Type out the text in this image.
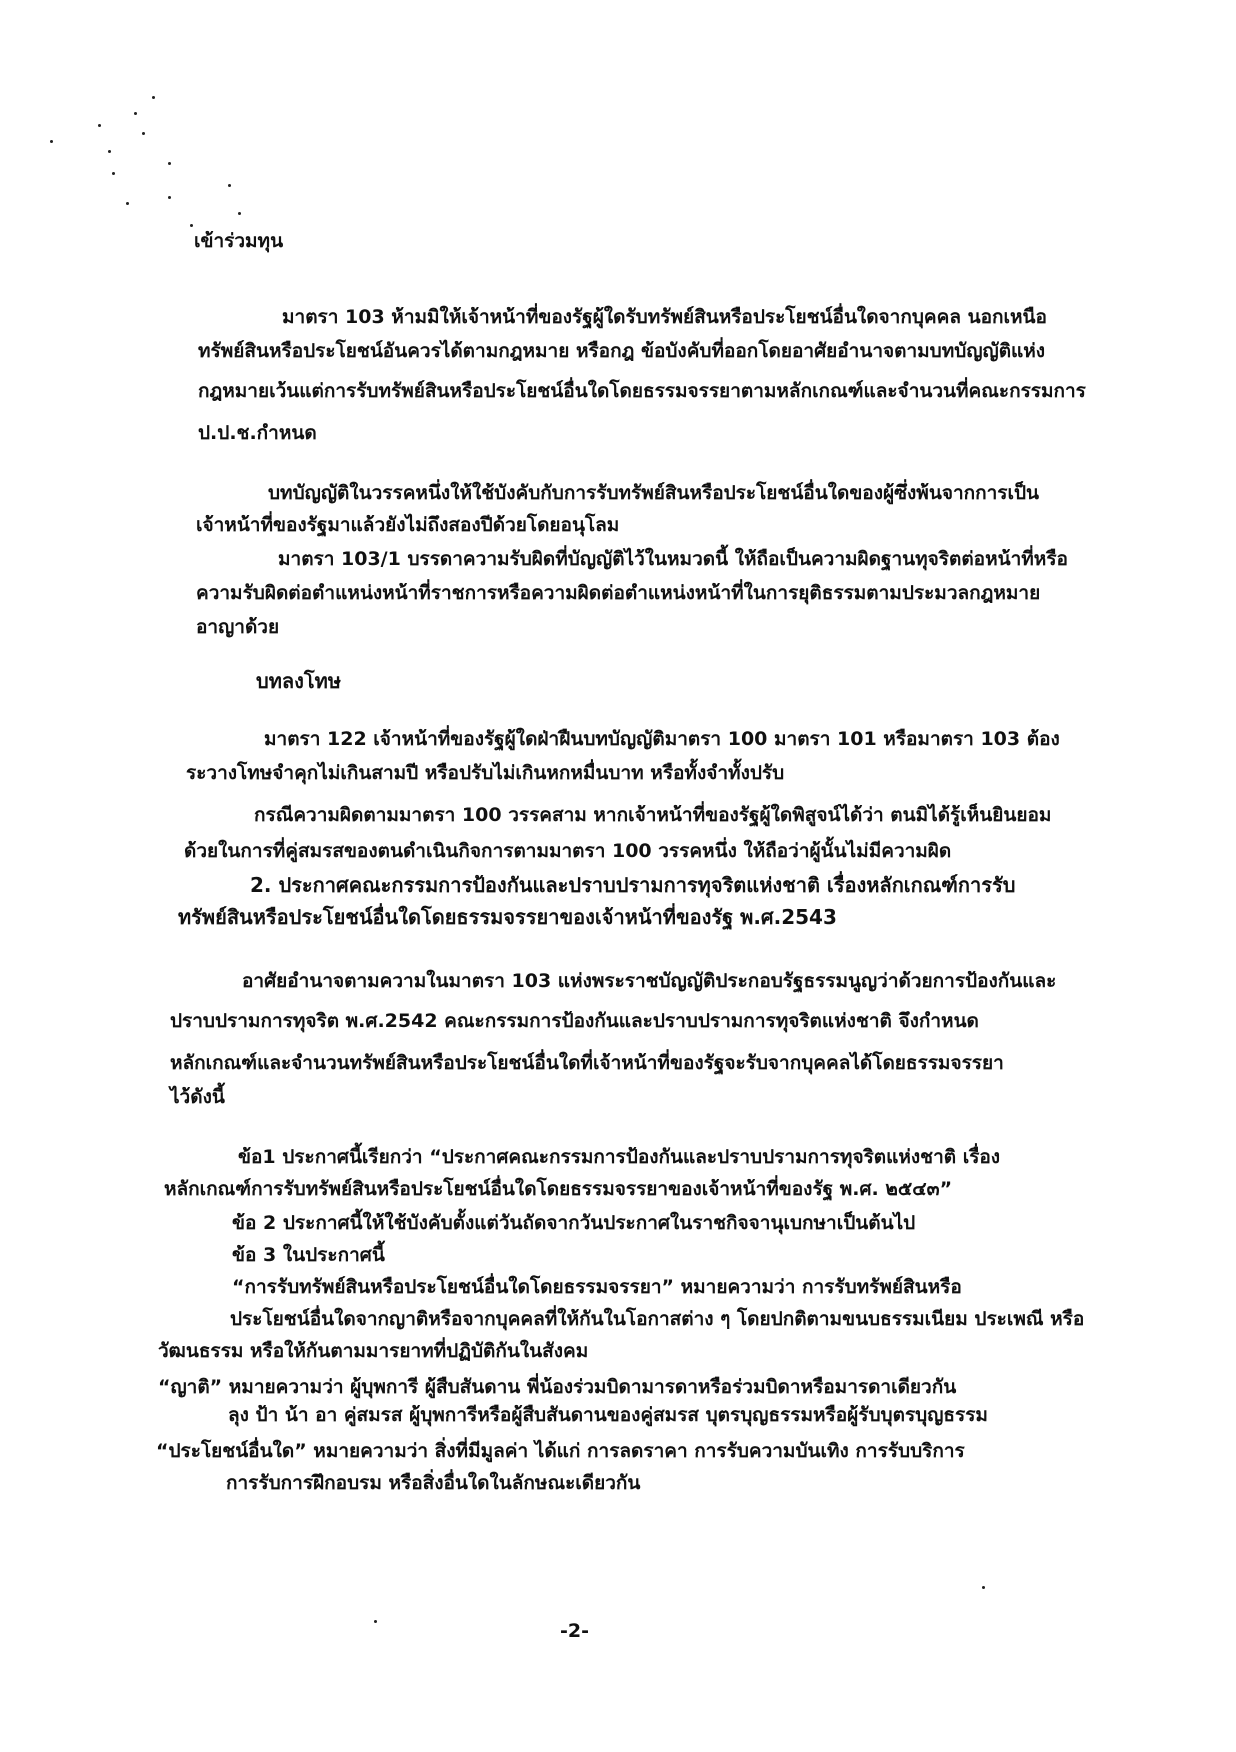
เข้าร่วมทุน
มาตรา 103 ห้ามมิให้เจ้าหน้าที่ของรัฐผู้ใดรับทรัพย์สินหรือประโยชน์อื่นใดจากบุคคล นอกเหนือ
ทรัพย์สินหรือประโยชน์อันควรได้ตามกฎหมาย หรือกฎ ข้อบังคับที่ออกโดยอาศัยอำนาจตามบทบัญญัติแห่ง
กฎหมายเว้นแต่การรับทรัพย์สินหรือประโยชน์อื่นใดโดยธรรมจรรยาตามหลักเกณฑ์และจำนวนที่คณะกรรมการ
ป.ป.ช.กำหนด
บทบัญญัติในวรรคหนึ่งให้ใช้บังคับกับการรับทรัพย์สินหรือประโยชน์อื่นใดของผู้ซึ่งพ้นจากการเป็น
เจ้าหน้าที่ของรัฐมาแล้วยังไม่ถึงสองปีด้วยโดยอนุโลม
มาตรา 103/1 บรรดาความรับผิดที่บัญญัติไว้ในหมวดนี้ ให้ถือเป็นความผิดฐานทุจริตต่อหน้าที่หรือ
ความรับผิดต่อตำแหน่งหน้าที่ราชการหรือความผิดต่อตำแหน่งหน้าที่ในการยุติธรรมตามประมวลกฎหมาย
อาญาด้วย
บทลงโทษ
มาตรา 122 เจ้าหน้าที่ของรัฐผู้ใดฝ่าฝืนบทบัญญัติมาตรา 100 มาตรา 101 หรือมาตรา 103 ต้อง
ระวางโทษจำคุกไม่เกินสามปี หรือปรับไม่เกินหกหมื่นบาท หรือทั้งจำทั้งปรับ
กรณีความผิดตามมาตรา 100 วรรคสาม หากเจ้าหน้าที่ของรัฐผู้ใดพิสูจน์ได้ว่า ตนมิได้รู้เห็นยินยอม
ด้วยในการที่คู่สมรสของตนดำเนินกิจการตามมาตรา 100 วรรคหนึ่ง ให้ถือว่าผู้นั้นไม่มีความผิด
2. ประกาศคณะกรรมการป้องกันและปราบปรามการทุจริตแห่งชาติ เรื่องหลักเกณฑ์การรับ
ทรัพย์สินหรือประโยชน์อื่นใดโดยธรรมจรรยาของเจ้าหน้าที่ของรัฐ พ.ศ.2543
อาศัยอำนาจตามความในมาตรา 103 แห่งพระราชบัญญัติประกอบรัฐธรรมนูญว่าด้วยการป้องกันและ
ปราบปรามการทุจริต พ.ศ.2542 คณะกรรมการป้องกันและปราบปรามการทุจริตแห่งชาติ จึงกำหนด
หลักเกณฑ์และจำนวนทรัพย์สินหรือประโยชน์อื่นใดที่เจ้าหน้าที่ของรัฐจะรับจากบุคคลได้โดยธรรมจรรยา
ไว้ดังนี้
ข้อ1 ประกาศนี้เรียกว่า “ประกาศคณะกรรมการป้องกันและปราบปรามการทุจริตแห่งชาติ เรื่อง
หลักเกณฑ์การรับทรัพย์สินหรือประโยชน์อื่นใดโดยธรรมจรรยาของเจ้าหน้าที่ของรัฐ พ.ศ. ๒๕๔๓”
ข้อ 2 ประกาศนี้ให้ใช้บังคับตั้งแต่วันถัดจากวันประกาศในราชกิจจานุเบกษาเป็นต้นไป
ข้อ 3 ในประกาศนี้
“การรับทรัพย์สินหรือประโยชน์อื่นใดโดยธรรมจรรยา” หมายความว่า การรับทรัพย์สินหรือ
ประโยชน์อื่นใดจากญาติหรือจากบุคคลที่ให้กันในโอกาสต่าง ๆ โดยปกติตามขนบธรรมเนียม ประเพณี หรือ
วัฒนธรรม หรือให้กันตามมารยาทที่ปฏิบัติกันในสังคม
“ญาติ” หมายความว่า ผู้บุพการี ผู้สืบสันดาน พี่น้องร่วมบิดามารดาหรือร่วมบิดาหรือมารดาเดียวกัน
ลุง ป้า น้า อา คู่สมรส ผู้บุพการีหรือผู้สืบสันดานของคู่สมรส บุตรบุญธรรมหรือผู้รับบุตรบุญธรรม
“ประโยชน์อื่นใด” หมายความว่า สิ่งที่มีมูลค่า ได้แก่ การลดราคา การรับความบันเทิง การรับบริการ
การรับการฝึกอบรม หรือสิ่งอื่นใดในลักษณะเดียวกัน
-2-
